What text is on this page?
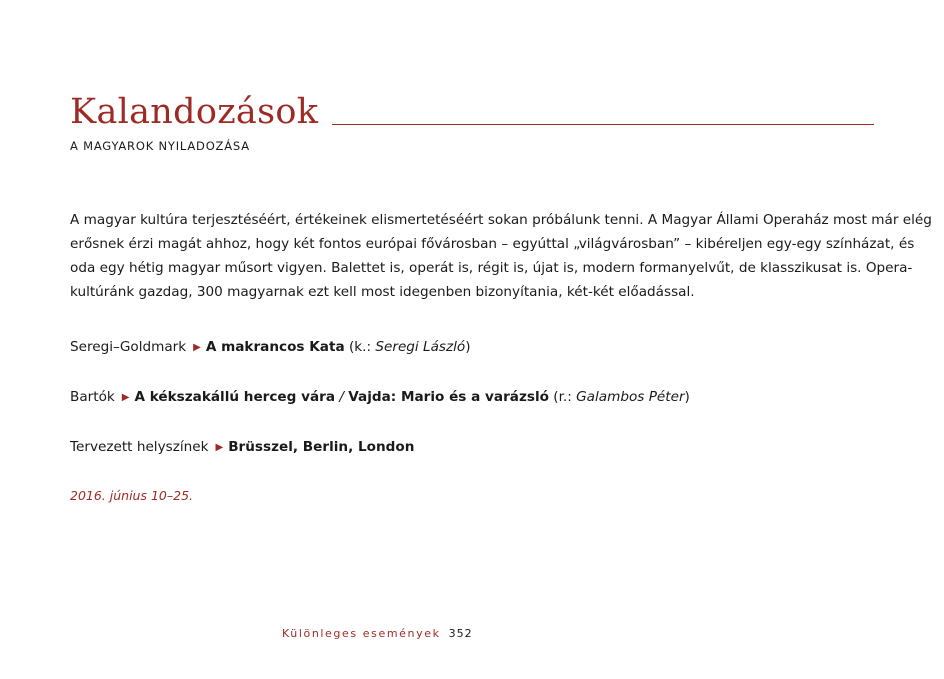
Kalandozások
A MAGYAROK NYILADOZÁSA
A magyar kultúra terjesztéséért, értékeinek elismertetéséért sokan próbálunk tenni. A Magyar Állami Operaház most már elég
erősnek érzi magát ahhoz, hogy két fontos európai fővárosban – egyúttal „világvárosban” – kibéreljen egy-egy színházat, és
oda egy hétig magyar műsort vigyen. Balettet is, operát is, régit is, újat is, modern formanyelvűt, de klasszikusat is. Opera-
kultúránk gazdag, 300 magyarnak ezt kell most idegenben bizonyítania, két-két előadással.
Seregi–Goldmark ▶ A makrancos Kata (k.: Seregi László)
Bartók ▶ A kékszakállú herceg vára / Vajda: Mario és a varázsló (r.: Galambos Péter)
Tervezett helyszínek ▶ Brüsszel, Berlin, London
2016. június 10–25.
Különleges események 352
